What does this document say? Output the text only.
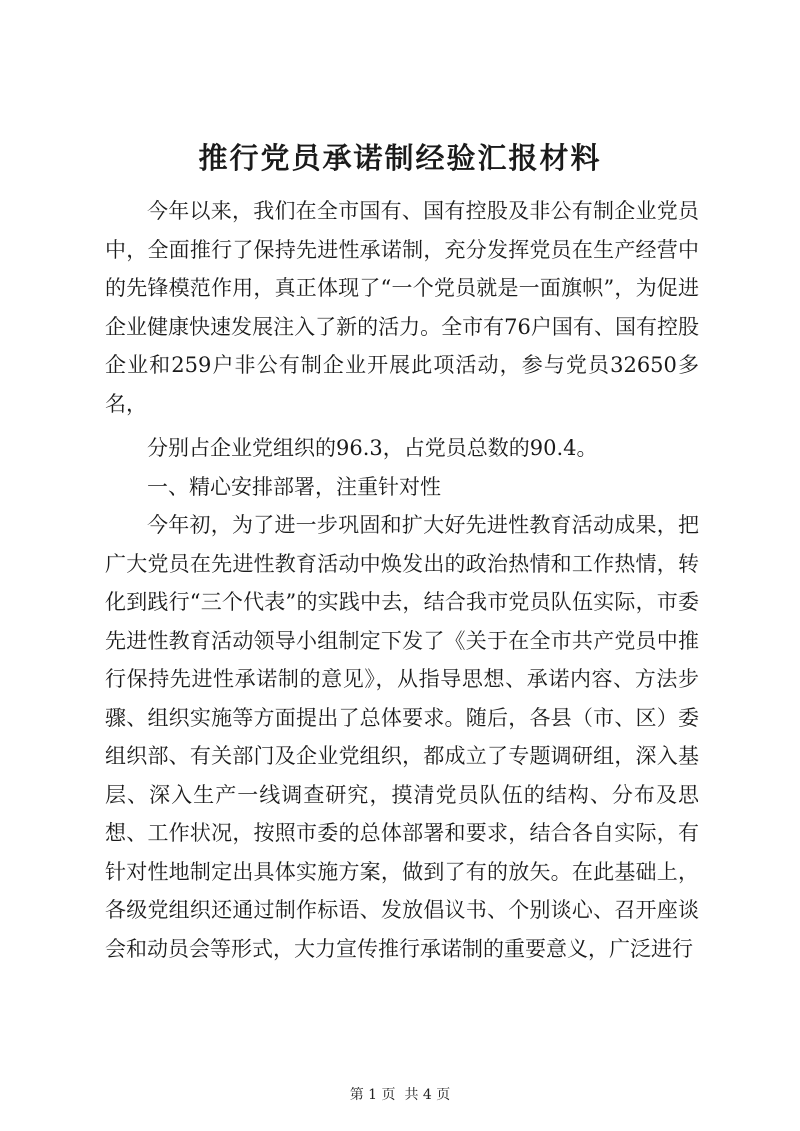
推行党员承诺制经验汇报材料

今年以来，我们在全市国有、国有控股及非公有制企业党员中，全面推行了保持先进性承诺制，充分发挥党员在生产经营中的先锋模范作用，真正体现了“一个党员就是一面旗帜”，为促进企业健康快速发展注入了新的活力。全市有76户国有、国有控股企业和259户非公有制企业开展此项活动，参与党员32650多名，

分别占企业党组织的96.3，占党员总数的90.4。

一、精心安排部署，注重针对性

今年初，为了进一步巩固和扩大好先进性教育活动成果，把广大党员在先进性教育活动中焕发出的政治热情和工作热情，转化到践行“三个代表”的实践中去，结合我市党员队伍实际，市委先进性教育活动领导小组制定下发了《关于在全市共产党员中推行保持先进性承诺制的意见》，从指导思想、承诺内容、方法步骤、组织实施等方面提出了总体要求。随后，各县（市、区）委组织部、有关部门及企业党组织，都成立了专题调研组，深入基层、深入生产一线调查研究，摸清党员队伍的结构、分布及思想、工作状况，按照市委的总体部署和要求，结合各自实际，有针对性地制定出具体实施方案，做到了有的放矢。在此基础上，各级党组织还通过制作标语、发放倡议书、个别谈心、召开座谈会和动员会等形式，大力宣传推行承诺制的重要意义，广泛进行

第 1 页  共 4 页
